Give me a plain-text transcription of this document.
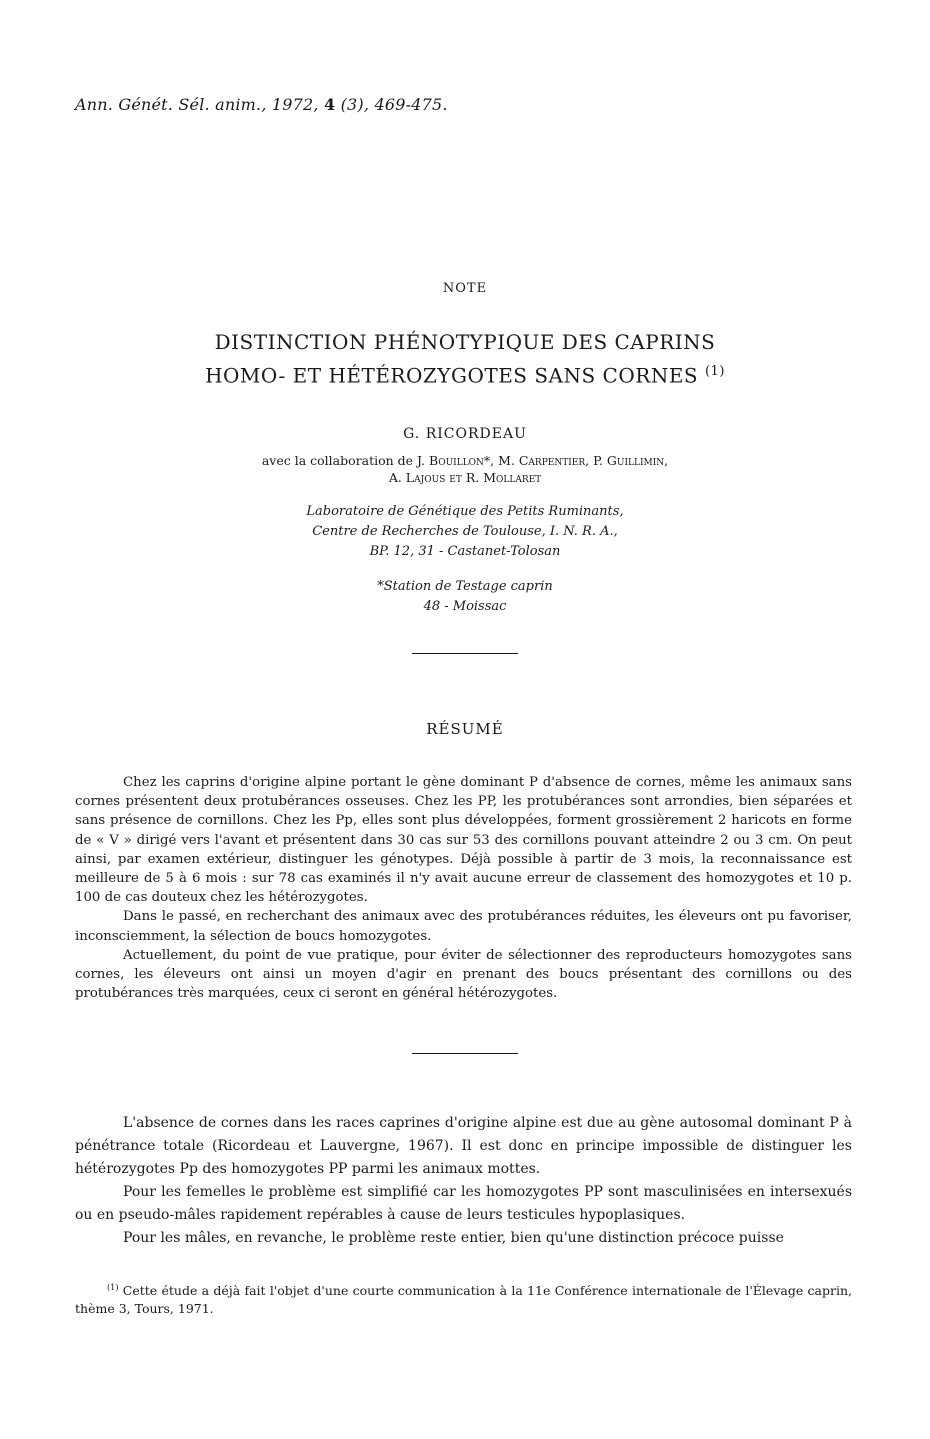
Ann. Génét. Sél. anim., 1972, 4 (3), 469-475.
NOTE
DISTINCTION PHÉNOTYPIQUE DES CAPRINS
HOMO- ET HÉTÉROZYGOTES SANS CORNES $^{(1)}$
G. RICORDEAU
avec la collaboration de J. Bouillon*, M. Carpentier, P. Guillimin,
A. Lajous et R. Mollaret
Laboratoire de Génétique des Petits Ruminants,
Centre de Recherches de Toulouse, I. N. R. A.,
BP. 12, 31 - Castanet-Tolosan
*Station de Testage caprin
48 - Moissac
RÉSUMÉ

Chez les caprins d'origine alpine portant le gène dominant P d'absence de cornes, même les animaux sans cornes présentent deux protubérances osseuses. Chez les PP, les protubérances sont arrondies, bien séparées et sans présence de cornillons. Chez les Pp, elles sont plus développées, forment grossièrement 2 haricots en forme de « V » dirigé vers l'avant et présentent dans 30 cas sur 53 des cornillons pouvant atteindre 2 ou 3 cm. On peut ainsi, par examen extérieur, distinguer les génotypes. Déjà possible à partir de 3 mois, la reconnaissance est meilleure de 5 à 6 mois : sur 78 cas examinés il n'y avait aucune erreur de classement des homozygotes et 10 p. 100 de cas douteux chez les hétérozygotes.

Dans le passé, en recherchant des animaux avec des protubérances réduites, les éleveurs ont pu favoriser, inconsciemment, la sélection de boucs homozygotes.

Actuellement, du point de vue pratique, pour éviter de sélectionner des reproducteurs homozygotes sans cornes, les éleveurs ont ainsi un moyen d'agir en prenant des boucs présentant des cornillons ou des protubérances très marquées, ceux ci seront en général hétérozygotes.

L'absence de cornes dans les races caprines d'origine alpine est due au gène autosomal dominant P à pénétrance totale (Ricordeau et Lauvergne, 1967). Il est donc en principe impossible de distinguer les hétérozygotes Pp des homozygotes PP parmi les animaux mottes.

Pour les femelles le problème est simplifié car les homozygotes PP sont masculinisées en intersexués ou en pseudo-mâles rapidement repérables à cause de leurs testicules hypoplasiques.

Pour les mâles, en revanche, le problème reste entier, bien qu'une distinction précoce puisse

$^{(1)}$ Cette étude a déjà fait l'objet d'une courte communication à la 11e Conférence internationale de l'Élevage caprin, thème 3, Tours, 1971.
